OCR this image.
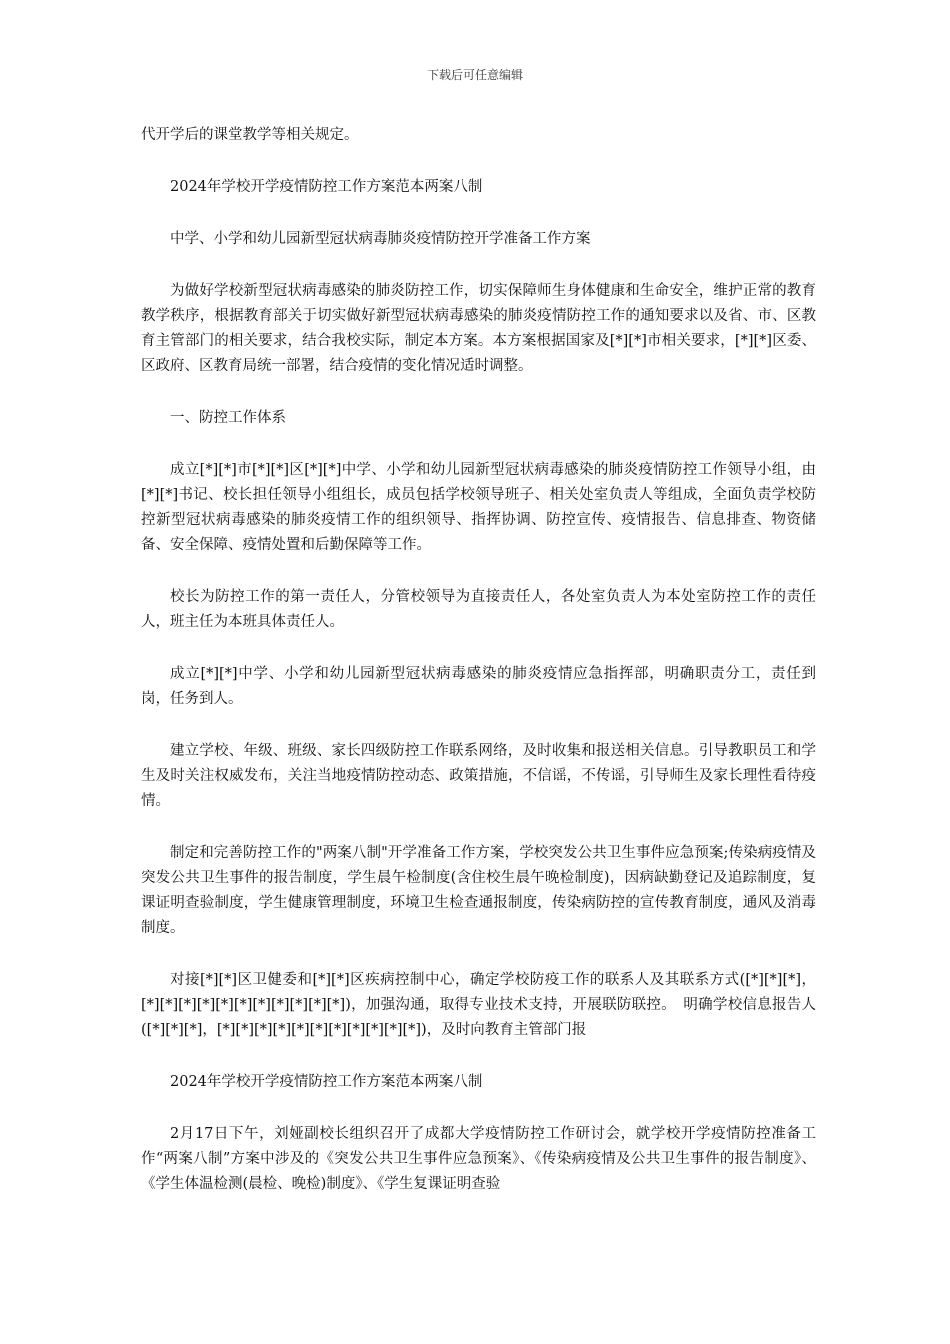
下载后可任意编辑

代开学后的课堂教学等相关规定。

2024年学校开学疫情防控工作方案范本两案八制

中学、小学和幼儿园新型冠状病毒肺炎疫情防控开学准备工作方案

为做好学校新型冠状病毒感染的肺炎防控工作，切实保障师生身体健康和生命安全，维护正常的教育教学秩序，根据教育部关于切实做好新型冠状病毒感染的肺炎疫情防控工作的通知要求以及省、市、区教育主管部门的相关要求，结合我校实际，制定本方案。本方案根据国家及[*][*]市相关要求，[*][*]区委、区政府、区教育局统一部署，结合疫情的变化情况适时调整。

一、防控工作体系

成立[*][*]市[*][*]区[*][*]中学、小学和幼儿园新型冠状病毒感染的肺炎疫情防控工作领导小组，由[*][*]书记、校长担任领导小组组长，成员包括学校领导班子、相关处室负责人等组成，全面负责学校防控新型冠状病毒感染的肺炎疫情工作的组织领导、指挥协调、防控宣传、疫情报告、信息排查、物资储备、安全保障、疫情处置和后勤保障等工作。

校长为防控工作的第一责任人，分管校领导为直接责任人，各处室负责人为本处室防控工作的责任人，班主任为本班具体责任人。

成立[*][*]中学、小学和幼儿园新型冠状病毒感染的肺炎疫情应急指挥部，明确职责分工，责任到岗，任务到人。

建立学校、年级、班级、家长四级防控工作联系网络，及时收集和报送相关信息。引导教职员工和学生及时关注权威发布，关注当地疫情防控动态、政策措施，不信谣，不传谣，引导师生及家长理性看待疫情。

制定和完善防控工作的"两案八制"开学准备工作方案，学校突发公共卫生事件应急预案;传染病疫情及突发公共卫生事件的报告制度，学生晨午检制度(含住校生晨午晚检制度)，因病缺勤登记及追踪制度，复课证明查验制度，学生健康管理制度，环境卫生检查通报制度，传染病防控的宣传教育制度，通风及消毒制度。

对接[*][*]区卫健委和[*][*]区疾病控制中心，确定学校防疫工作的联系人及其联系方式([*][*][*]，[*][*][*][*][*][*][*][*][*][*][*])，加强沟通，取得专业技术支持，开展联防联控。　明确学校信息报告人([*][*][*]，[*][*][*][*][*][*][*][*][*][*][*])，及时向教育主管部门报

2024年学校开学疫情防控工作方案范本两案八制

2月17日下午，刘娅副校长组织召开了成都大学疫情防控工作研讨会，就学校开学疫情防控准备工作“两案八制”方案中涉及的《突发公共卫生事件应急预案》、《传染病疫情及公共卫生事件的报告制度》、《学生体温检测(晨检、晚检)制度》、《学生复课证明查验
